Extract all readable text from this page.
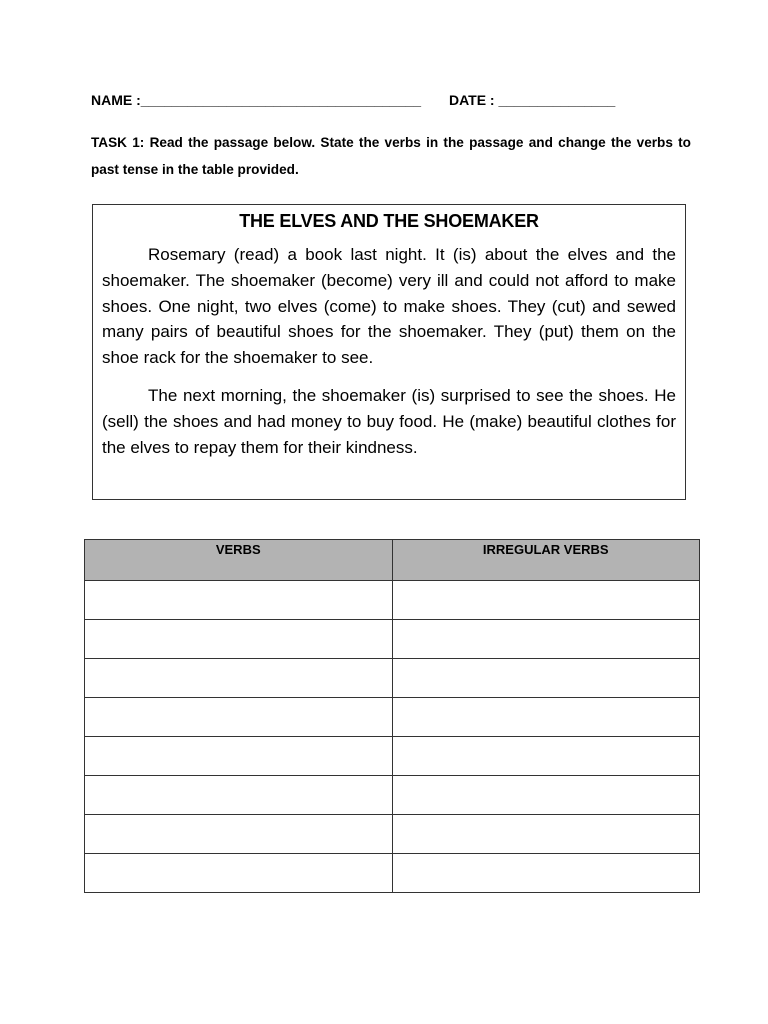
NAME :____________________________________ DATE : _______________
TASK 1: Read the passage below. State the verbs in the passage and change the verbs to past tense in the table provided.
THE ELVES AND THE SHOEMAKER

Rosemary (read) a book last night. It (is) about the elves and the shoemaker. The shoemaker (become) very ill and could not afford to make shoes. One night, two elves (come) to make shoes. They (cut) and sewed many pairs of beautiful shoes for the shoemaker. They (put) them on the shoe rack for the shoemaker to see.

The next morning, the shoemaker (is) surprised to see the shoes. He (sell) the shoes and had money to buy food. He (make) beautiful clothes for the elves to repay them for their kindness.

VERBS	IRREGULAR VERBS
